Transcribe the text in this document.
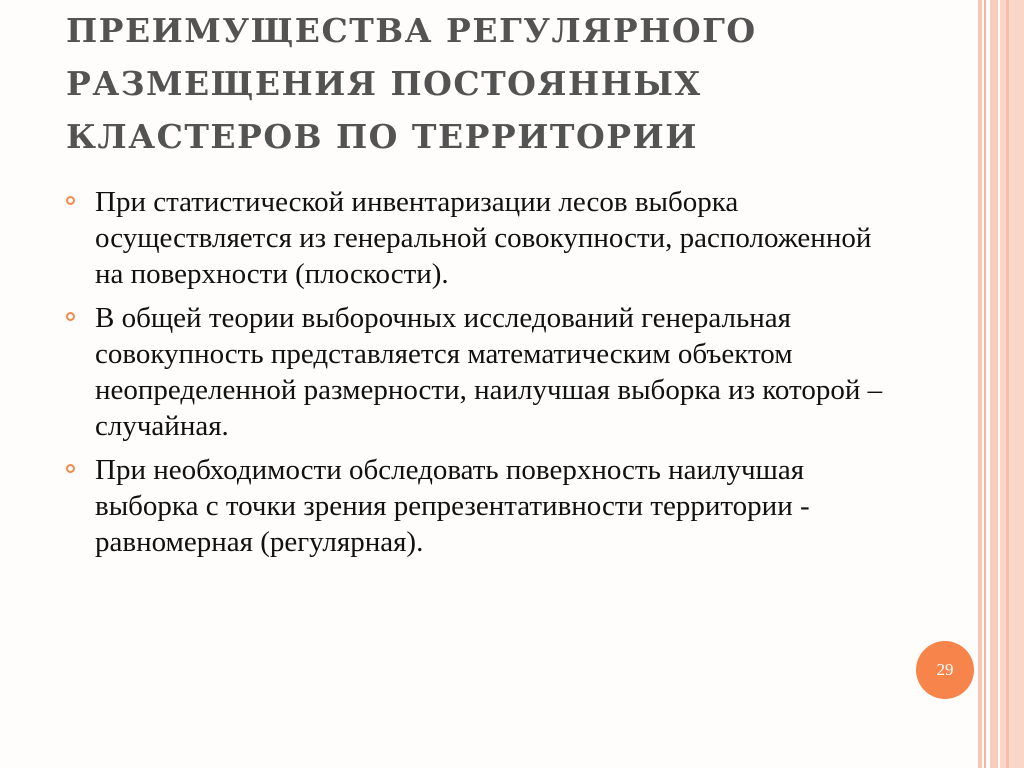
ПРЕИМУЩЕСТВА РЕГУЛЯРНОГО
РАЗМЕЩЕНИЯ ПОСТОЯННЫХ
КЛАСТЕРОВ ПО ТЕРРИТОРИИ
При статистической инвентаризации лесов выборка осуществляется из генеральной совокупности, расположенной на поверхности (плоскости).
В общей теории выборочных исследований генеральная совокупность представляется математическим объектом неопределенной размерности, наилучшая выборка из которой – случайная.
При необходимости обследовать поверхность наилучшая выборка с точки зрения репрезентативности территории - равномерная (регулярная).
29
